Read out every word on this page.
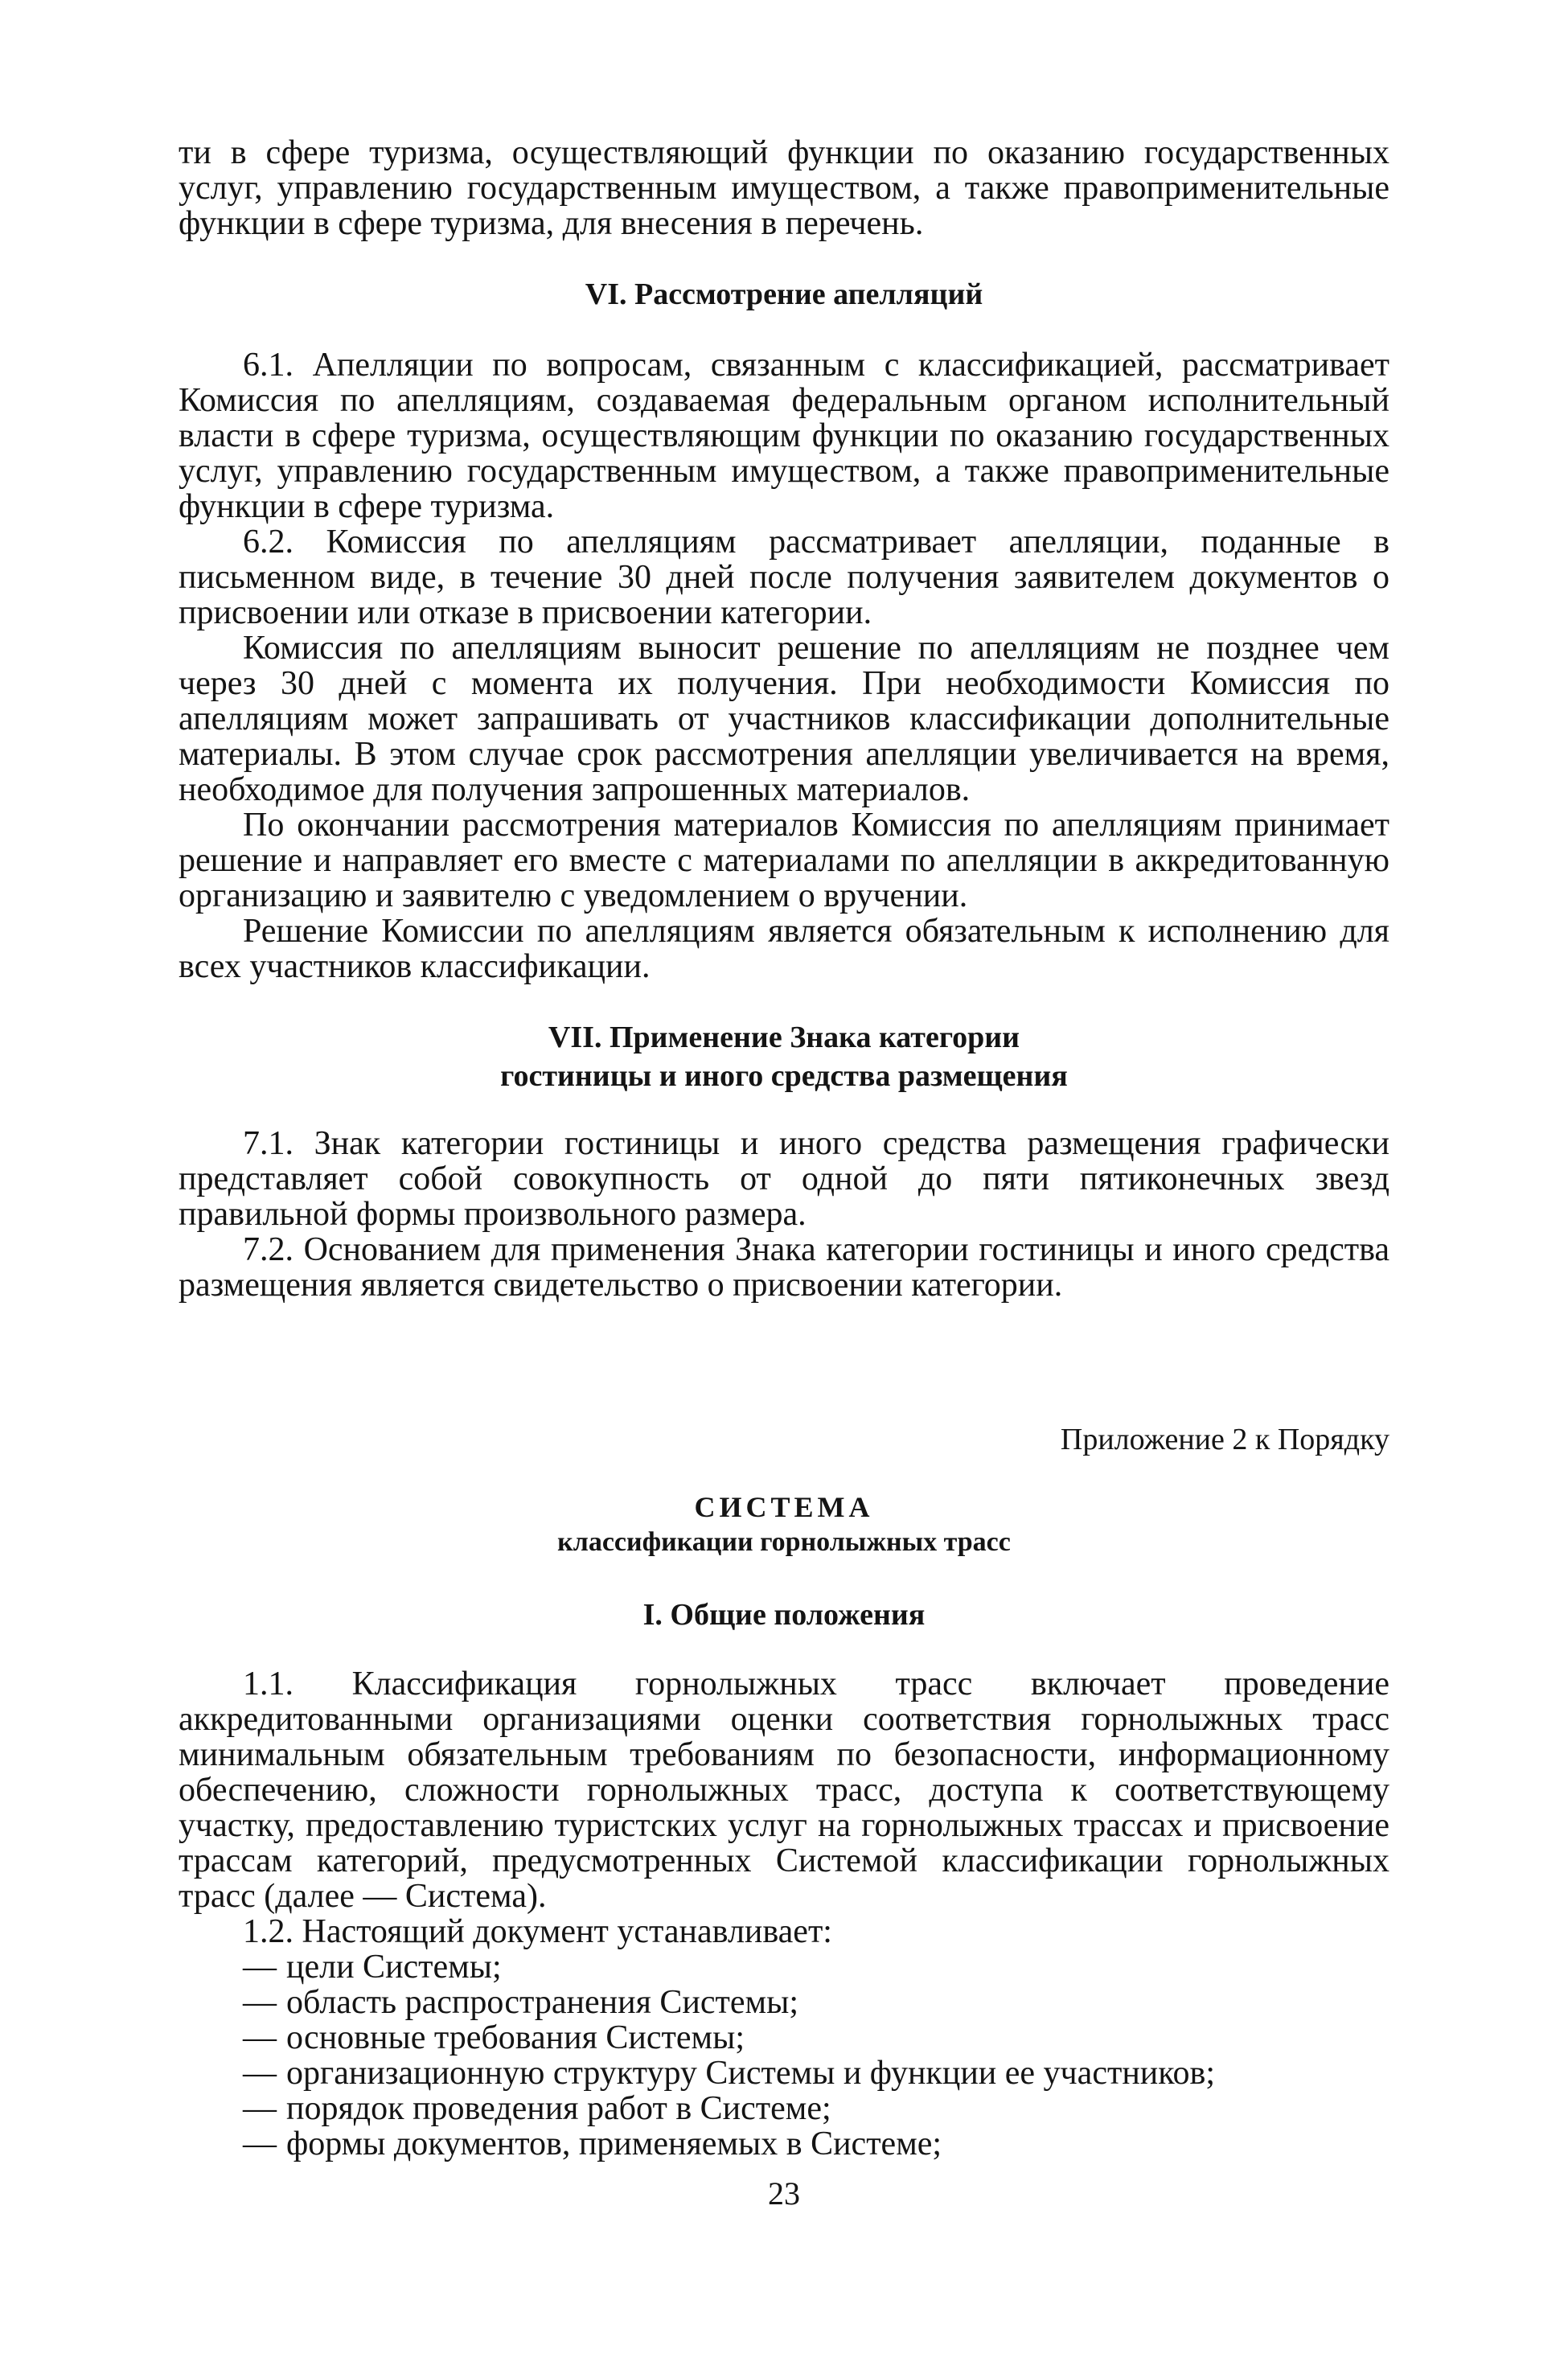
ти в сфере туризма, осуществляющий функции по оказанию государственных услуг, управлению государственным имуществом, а также правоприменительные функции в сфере туризма, для внесения в перечень.

VI. Рассмотрение апелляций

6.1. Апелляции по вопросам, связанным с классификацией, рассматривает Комиссия по апелляциям, создаваемая федеральным органом исполнительный власти в сфере туризма, осуществляющим функции по оказанию государственных услуг, управлению государственным имуществом, а также правоприменительные функции в сфере туризма.

6.2. Комиссия по апелляциям рассматривает апелляции, поданные в письменном виде, в течение 30 дней после получения заявителем документов о присвоении или отказе в присвоении категории.

Комиссия по апелляциям выносит решение по апелляциям не позднее чем через 30 дней с момента их получения. При необходимости Комиссия по апелляциям может запрашивать от участников классификации дополнительные материалы. В этом случае срок рассмотрения апелляции увеличивается на время, необходимое для получения запрошенных материалов.

По окончании рассмотрения материалов Комиссия по апелляциям принимает решение и направляет его вместе с материалами по апелляции в аккредитованную организацию и заявителю с уведомлением о вручении.

Решение Комиссии по апелляциям является обязательным к исполнению для всех участников классификации.

VII. Применение Знака категории
гостиницы и иного средства размещения

7.1. Знак категории гостиницы и иного средства размещения графически представляет собой совокупность от одной до пяти пятиконечных звезд правильной формы произвольного размера.

7.2. Основанием для применения Знака категории гостиницы и иного средства размещения является свидетельство о присвоении категории.

Приложение 2 к Порядку
СИСТЕМА
классификации горнолыжных трасс
I. Общие положения

1.1. Классификация горнолыжных трасс включает проведение аккредитованными организациями оценки соответствия горнолыжных трасс минимальным обязательным требованиям по безопасности, информационному обеспечению, сложности горнолыжных трасс, доступа к соответствующему участку, предоставлению туристских услуг на горнолыжных трассах и присвоение трассам категорий, предусмотренных Системой классификации горнолыжных трасс (далее — Система).

1.2. Настоящий документ устанавливает:

— цели Системы;
— область распространения Системы;
— основные требования Системы;
— организационную структуру Системы и функции ее участников;
— порядок проведения работ в Системе;
— формы документов, применяемых в Системе;
23
